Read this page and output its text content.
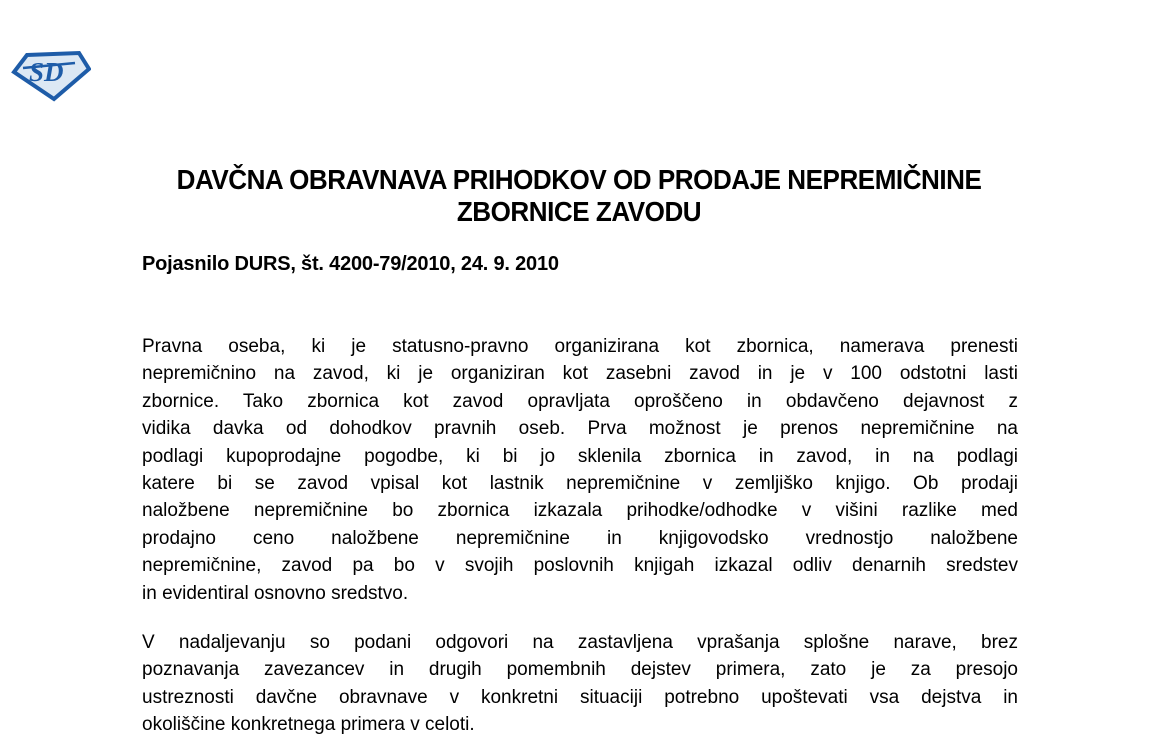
SD
DAVČNA OBRAVNAVA PRIHODKOV OD PRODAJE NEPREMIČNINE
ZBORNICE ZAVODU
Pojasnilo DURS, št. 4200-79/2010, 24. 9. 2010
Pravna oseba, ki je statusno-pravno organizirana kot zbornica, namerava prenesti
nepremičnino na zavod, ki je organiziran kot zasebni zavod in je v 100 odstotni lasti
zbornice. Tako zbornica kot zavod opravljata oproščeno in obdavčeno dejavnost z
vidika davka od dohodkov pravnih oseb. Prva možnost je prenos nepremičnine na
podlagi kupoprodajne pogodbe, ki bi jo sklenila zbornica in zavod, in na podlagi
katere bi se zavod vpisal kot lastnik nepremičnine v zemljiško knjigo. Ob prodaji
naložbene nepremičnine bo zbornica izkazala prihodke/odhodke v višini razlike med
prodajno ceno naložbene nepremičnine in knjigovodsko vrednostjo naložbene
nepremičnine, zavod pa bo v svojih poslovnih knjigah izkazal odliv denarnih sredstev
in evidentiral osnovno sredstvo.
V nadaljevanju so podani odgovori na zastavljena vprašanja splošne narave, brez
poznavanja zavezancev in drugih pomembnih dejstev primera, zato je za presojo
ustreznosti davčne obravnave v konkretni situaciji potrebno upoštevati vsa dejstva in
okoliščine konkretnega primera v celoti.
